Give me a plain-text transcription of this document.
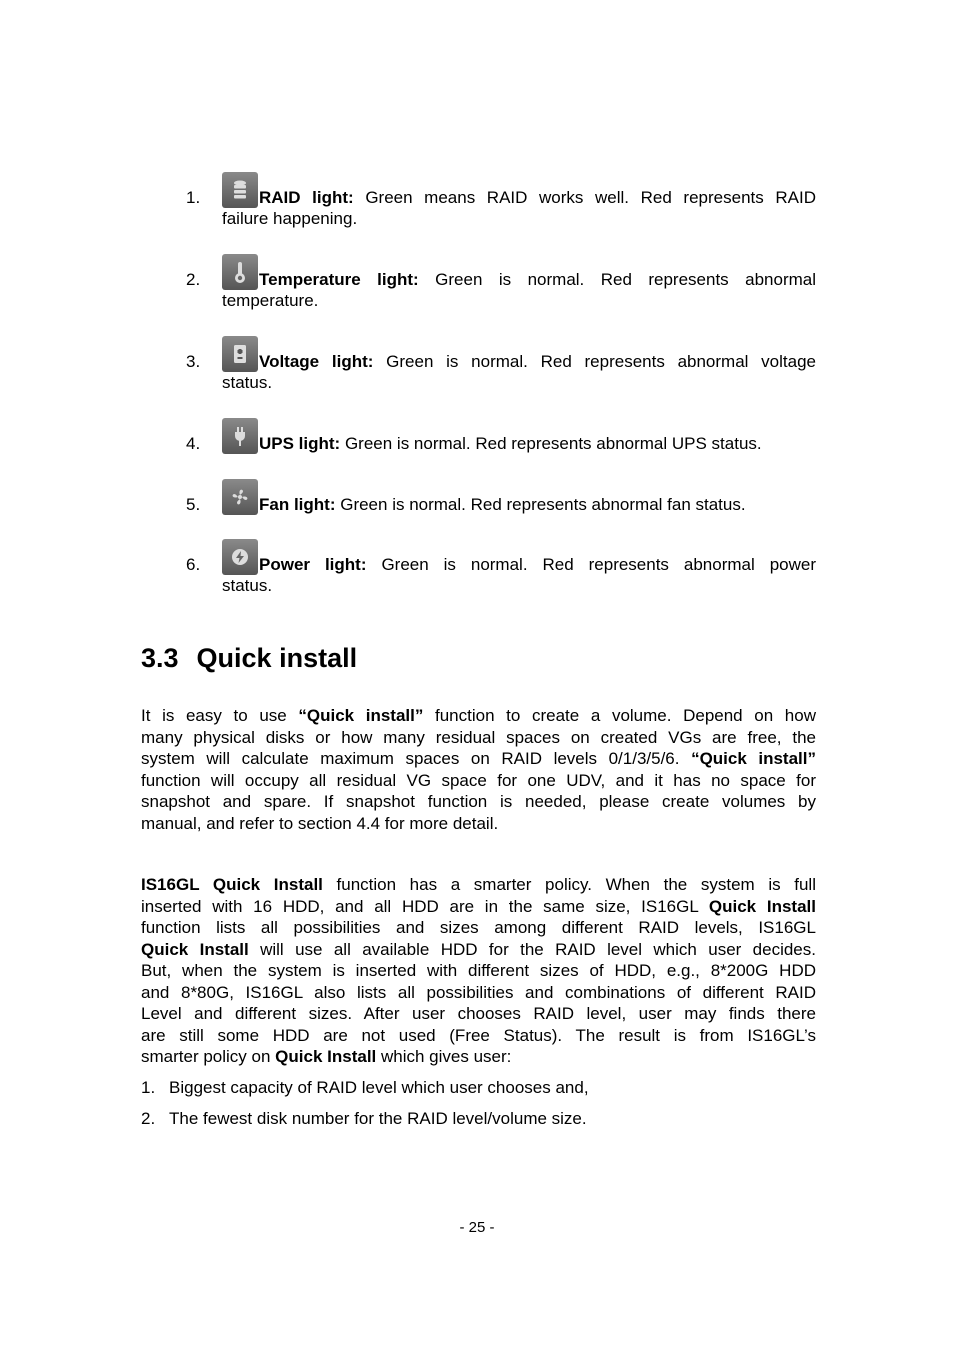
1.	RAID light: Green means RAID works well. Red represents RAID
failure happening.
2.	Temperature light: Green is normal. Red represents abnormal
temperature.
3.	Voltage light: Green is normal. Red represents abnormal voltage
status.
4.	UPS light: Green is normal. Red represents abnormal UPS status.
5.	Fan light: Green is normal. Red represents abnormal fan status.
6.	Power light: Green is normal. Red represents abnormal power
status.
3.3 Quick install
It is easy to use “Quick install” function to create a volume. Depend on how
many physical disks or how many residual spaces on created VGs are free, the
system will calculate maximum spaces on RAID levels 0/1/3/5/6. “Quick install”
function will occupy all residual VG space for one UDV, and it has no space for
snapshot and spare. If snapshot function is needed, please create volumes by
manual, and refer to section 4.4 for more detail.
IS16GL Quick Install function has a smarter policy. When the system is full
inserted with 16 HDD, and all HDD are in the same size, IS16GL Quick Install
function lists all possibilities and sizes among different RAID levels, IS16GL
Quick Install will use all available HDD for the RAID level which user decides.
But, when the system is inserted with different sizes of HDD, e.g., 8*200G HDD
and 8*80G, IS16GL also lists all possibilities and combinations of different RAID
Level and different sizes. After user chooses RAID level, user may finds there
are still some HDD are not used (Free Status). The result is from IS16GL’s
smarter policy on Quick Install which gives user:
1. Biggest capacity of RAID level which user chooses and,
2. The fewest disk number for the RAID level/volume size.
- 25 -
